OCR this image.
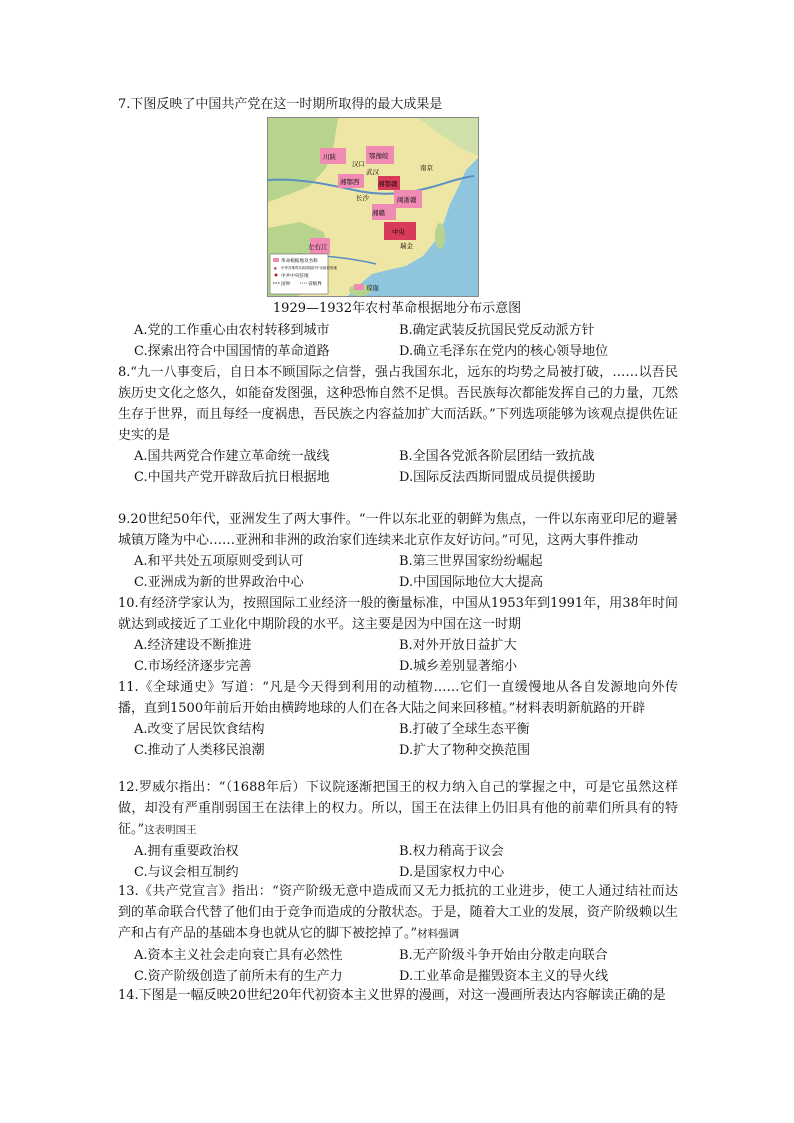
7.下图反映了中国共产党在这一时期所取得的最大成果是

川陕	鄂豫皖
湘鄂西
湘赣
中央
闽浙赣
湘鄂赣
左右江
琼崖
南京
武汉
长沙
瑞金
汉口
革命根据地及名称
★ 中华苏维埃共和国临时中央政府驻地
中共中央驻地
国界	省级界
1929—1932年农村革命根据地分布示意图
A.党的工作重心由农村转移到城市	B.确定武装反抗国民党反动派方针
C.探索出符合中国国情的革命道路	D.确立毛泽东在党内的核心领导地位

8.“九一八事变后，自日本不顾国际之信誉，强占我国东北，远东的均势之局被打破，……以吾民族历史文化之悠久，如能奋发图强，这种恐怖自然不足惧。吾民族每次都能发挥自己的力量，兀然生存于世界，而且每经一度祸患，吾民族之内容益加扩大而活跃。”下列选项能够为该观点提供佐证史实的是

A.国共两党合作建立革命统一战线	B.全国各党派各阶层团结一致抗战
C.中国共产党开辟敌后抗日根据地	D.国际反法西斯同盟成员提供援助

9.20世纪50年代，亚洲发生了两大事件。“一件以东北亚的朝鲜为焦点，一件以东南亚印尼的避暑城镇万隆为中心……亚洲和非洲的政治家们连续来北京作友好访问。”可见，这两大事件推动

A.和平共处五项原则受到认可	B.第三世界国家纷纷崛起
C.亚洲成为新的世界政治中心	D.中国国际地位大大提高

10.有经济学家认为，按照国际工业经济一般的衡量标准，中国从1953年到1991年，用38年时间就达到或接近了工业化中期阶段的水平。这主要是因为中国在这一时期

A.经济建设不断推进	B.对外开放日益扩大
C.市场经济逐步完善	D.城乡差别显著缩小

11.《全球通史》写道：“凡是今天得到利用的动植物……它们一直缓慢地从各自发源地向外传播，直到1500年前后开始由横跨地球的人们在各大陆之间来回移植。”材料表明新航路的开辟

A.改变了居民饮食结构	B.打破了全球生态平衡
C.推动了人类移民浪潮	D.扩大了物种交换范围

12.罗威尔指出：“（1688年后）下议院逐渐把国王的权力纳入自己的掌握之中，可是它虽然这样做，却没有严重削弱国王在法律上的权力。所以，国王在法律上仍旧具有他的前辈们所具有的特征。”这表明国王

A.拥有重要政治权	B.权力稍高于议会
C.与议会相互制约	D.是国家权力中心

13.《共产党宣言》指出：“资产阶级无意中造成而又无力抵抗的工业进步，使工人通过结社而达到的革命联合代替了他们由于竞争而造成的分散状态。于是，随着大工业的发展，资产阶级赖以生产和占有产品的基础本身也就从它的脚下被挖掉了。”材料强调

A.资本主义社会走向衰亡具有必然性	B.无产阶级斗争开始由分散走向联合
C.资产阶级创造了前所未有的生产力	D.工业革命是摧毁资本主义的导火线

14.下图是一幅反映20世纪20年代初资本主义世界的漫画，对这一漫画所表达内容解读正确的是
